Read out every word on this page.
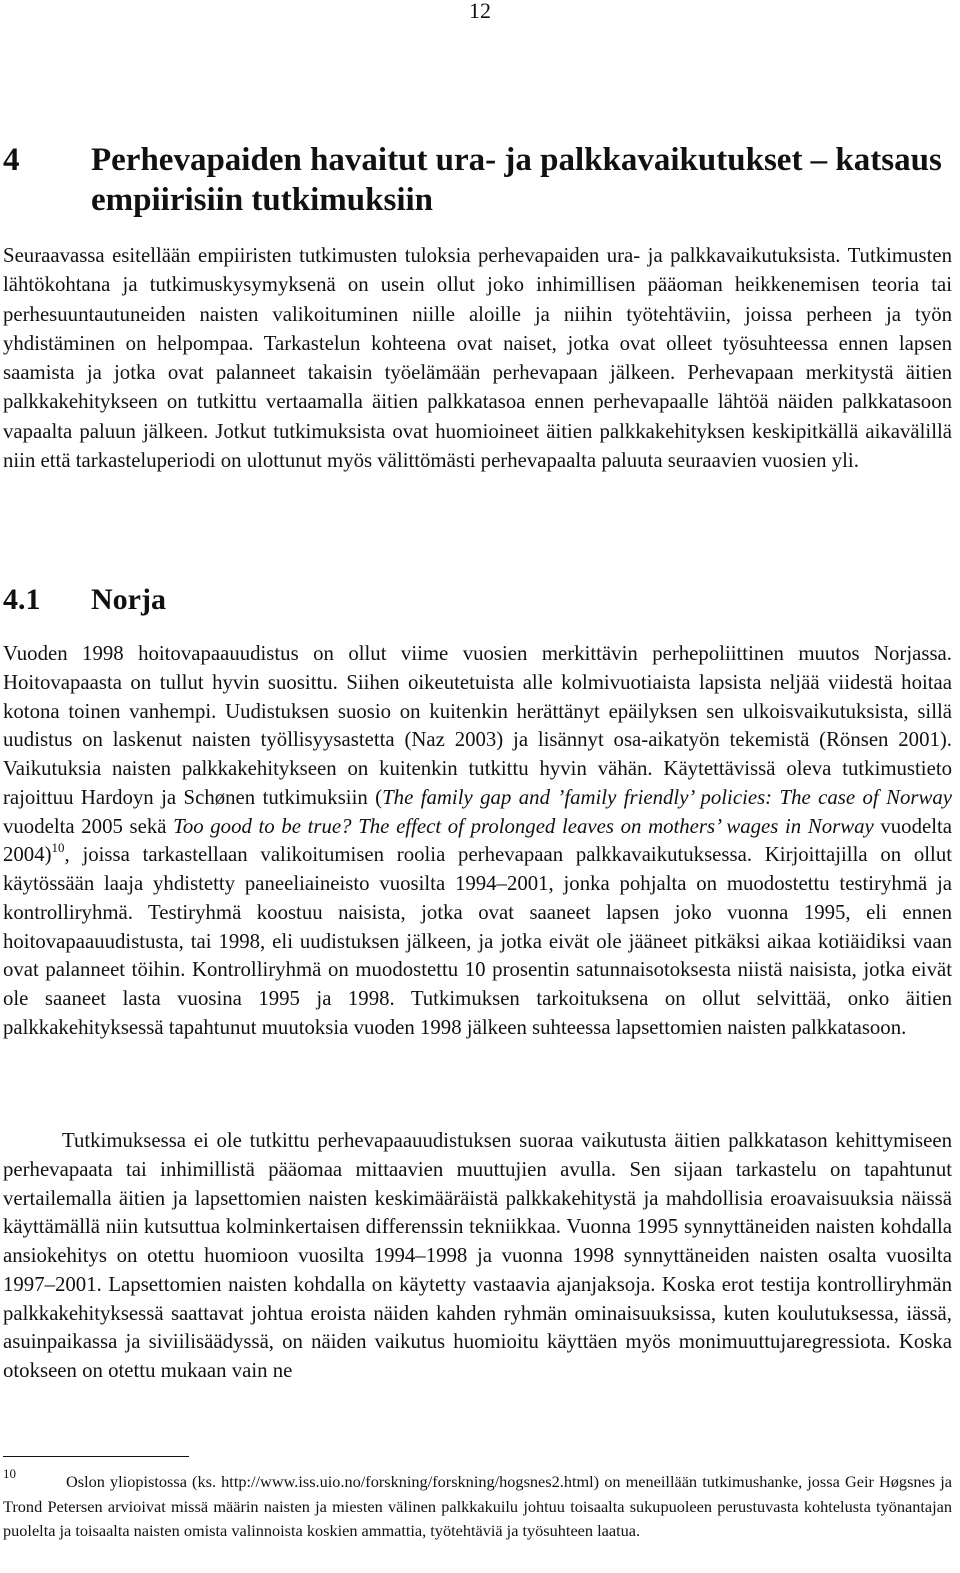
12
4 Perhevapaiden havaitut ura- ja palkkavaikutukset – katsaus empiirisiin tutkimuksiin

Seuraavassa esitellään empiiristen tutkimusten tuloksia perhevapaiden ura- ja palkkavaikutuksista. Tutkimusten lähtökohtana ja tutkimuskysymyksenä on usein ollut joko inhimillisen pääoman heikkenemisen teoria tai perhesuuntautuneiden naisten valikoituminen niille aloille ja niihin työtehtäviin, joissa perheen ja työn yhdistäminen on helpompaa. Tarkastelun kohteena ovat naiset, jotka ovat olleet työsuhteessa ennen lapsen saamista ja jotka ovat palanneet takaisin työelämään perhevapaan jälkeen. Perhevapaan merkitystä äitien palkkakehitykseen on tutkittu vertaamalla äitien palkkatasoa ennen perhevapaalle lähtöä näiden palkkatasoon vapaalta paluun jälkeen. Jotkut tutkimuksista ovat huomioineet äitien palkkakehityksen keskipitkällä aikavälillä niin että tarkasteluperiodi on ulottunut myös välittömästi perhevapaalta paluuta seuraavien vuosien yli.

4.1 Norja

Vuoden 1998 hoitovapaauudistus on ollut viime vuosien merkittävin perhepoliittinen muutos Norjassa. Hoitovapaasta on tullut hyvin suosittu. Siihen oikeutetuista alle kolmivuotiaista lapsista neljää viidestä hoitaa kotona toinen vanhempi. Uudistuksen suosio on kuitenkin herättänyt epäilyksen sen ulkoisvaikutuksista, sillä uudistus on laskenut naisten työllisyysastetta (Naz 2003) ja lisännyt osa-aikatyön tekemistä (Rönsen 2001). Vaikutuksia naisten palkkakehitykseen on kuitenkin tutkittu hyvin vähän. Käytettävissä oleva tutkimustieto rajoittuu Hardoyn ja Schønen tutkimuksiin (The family gap and ’family friendly’ policies: The case of Norway vuodelta 2005 sekä Too good to be true? The effect of prolonged leaves on mothers’ wages in Norway vuodelta 2004)$^{10}$, joissa tarkastellaan valikoitumisen roolia perhevapaan palkkavaikutuksessa. Kirjoittajilla on ollut käytössään laaja yhdistetty paneeliaineisto vuosilta 1994–2001, jonka pohjalta on muodostettu testiryhmä ja kontrolliryhmä. Testiryhmä koostuu naisista, jotka ovat saaneet lapsen joko vuonna 1995, eli ennen hoitovapaauudistusta, tai 1998, eli uudistuksen jälkeen, ja jotka eivät ole jääneet pitkäksi aikaa kotiäidiksi vaan ovat palanneet töihin. Kontrolliryhmä on muodostettu 10 prosentin satunnaisotoksesta niistä naisista, jotka eivät ole saaneet lasta vuosina 1995 ja 1998. Tutkimuksen tarkoituksena on ollut selvittää, onko äitien palkkakehityksessä tapahtunut muutoksia vuoden 1998 jälkeen suhteessa lapsettomien naisten palkkatasoon.

Tutkimuksessa ei ole tutkittu perhevapaauudistuksen suoraa vaikutusta äitien palkkatason kehittymiseen perhevapaata tai inhimillistä pääomaa mittaavien muuttujien avulla. Sen sijaan tarkastelu on tapahtunut vertailemalla äitien ja lapsettomien naisten keskimääräistä palkkakehitystä ja mahdollisia eroavaisuuksia näissä käyttämällä niin kutsuttua kolminkertaisen differenssin tekniikkaa. Vuonna 1995 synnyttäneiden naisten kohdalla ansiokehitys on otettu huomioon vuosilta 1994–1998 ja vuonna 1998 synnyttäneiden naisten osalta vuosilta 1997–2001. Lapsettomien naisten kohdalla on käytetty vastaavia ajanjaksoja. Koska erot testija kontrolliryhmän palkkakehityksessä saattavat johtua eroista näiden kahden ryhmän ominaisuuksissa, kuten koulutuksessa, iässä, asuinpaikassa ja siviilisäädyssä, on näiden vaikutus huomioitu käyttäen myös monimuuttujaregressiota. Koska otokseen on otettu mukaan vain ne

10	Oslon yliopistossa (ks. http://www.iss.uio.no/forskning/forskning/hogsnes2.html) on meneillään tutkimushanke, jossa Geir Høgsnes ja Trond Petersen arvioivat missä määrin naisten ja miesten välinen palkkakuilu johtuu toisaalta sukupuoleen perustuvasta kohtelusta työnantajan puolelta ja toisaalta naisten omista valinnoista koskien ammattia, työtehtäviä ja työsuhteen laatua.
